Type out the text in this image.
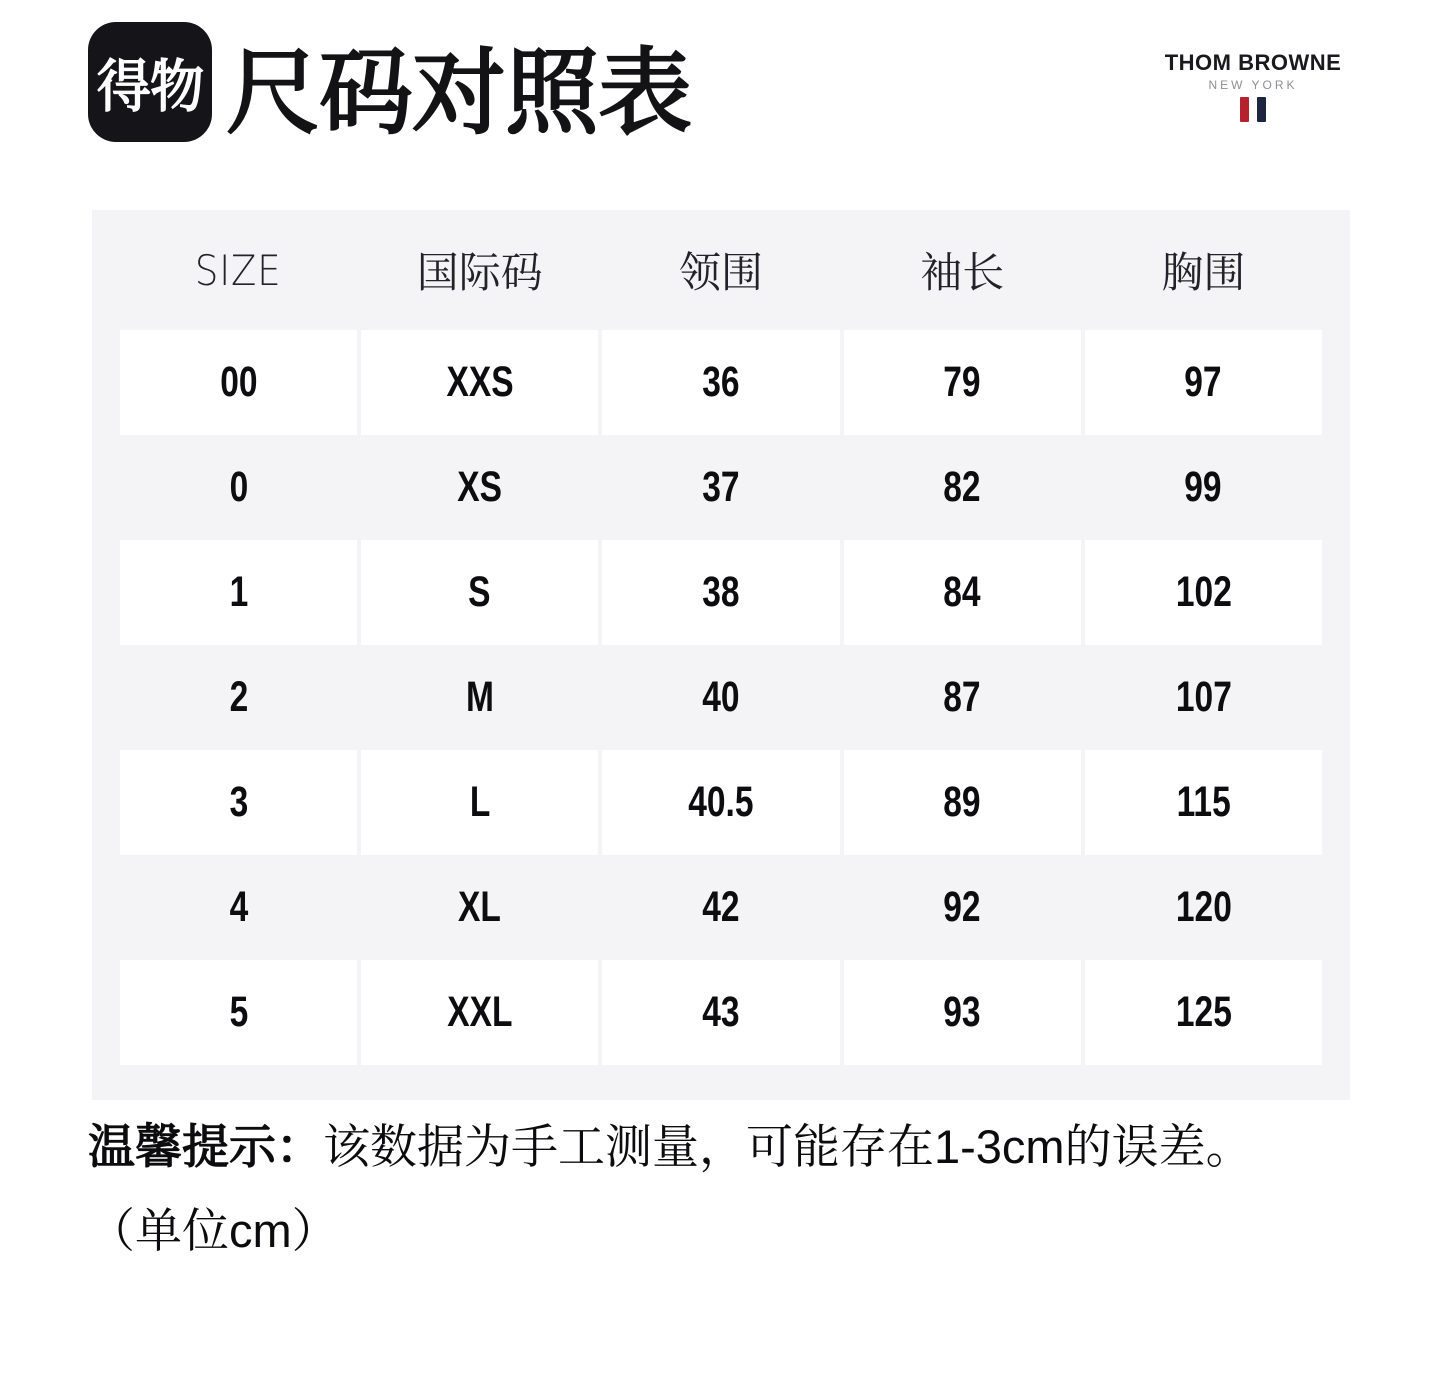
得物 尺码对照表	THOM BROWNE
NEW YORK
SIZE	国际码	领围	袖长	胸围
00	XXS	36	79	97
0	XS	37	82	99
1	S	38	84	102
2	M	40	87	107
3	L	40.5	89	115
4	XL	42	92	120
5	XXL	43	93	125
温馨提示：该数据为手工测量，可能存在1-3cm的误差。
（单位cm）
